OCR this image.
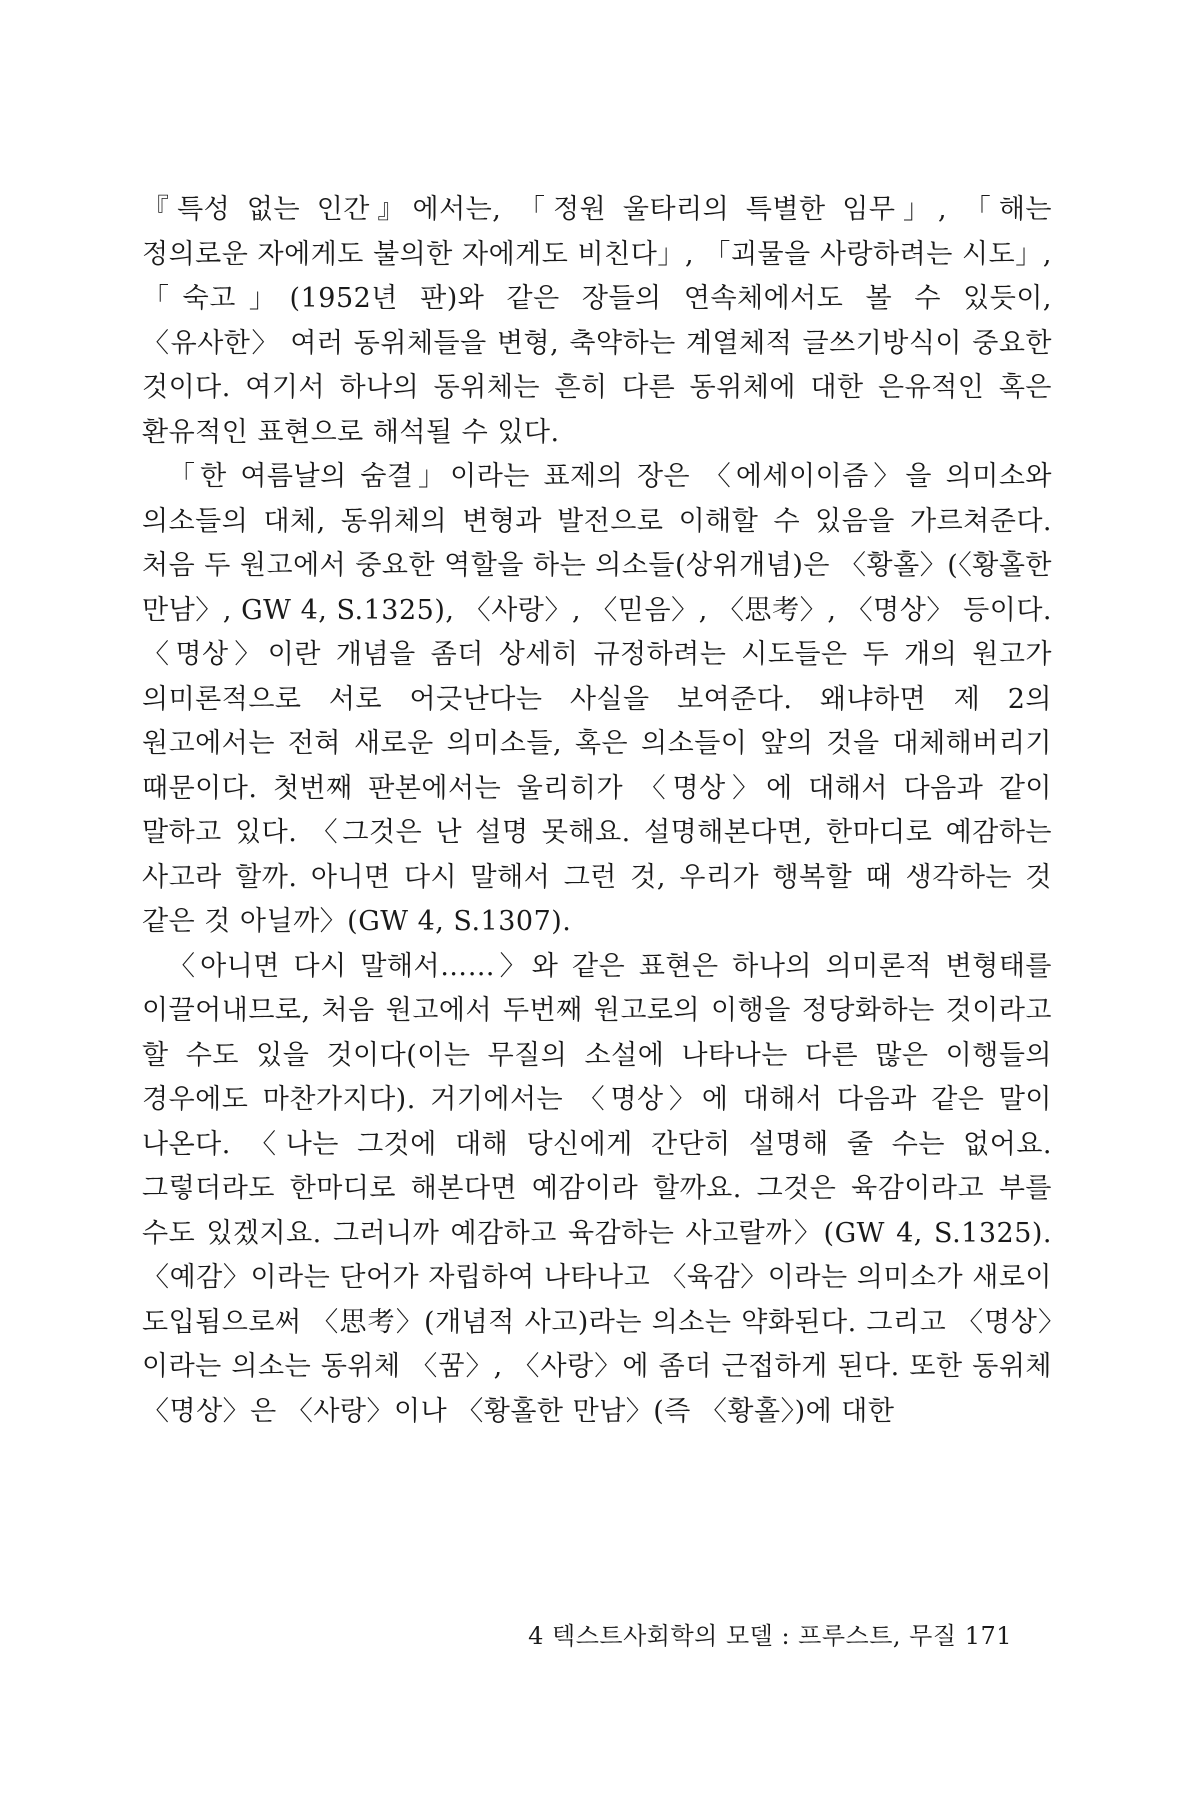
『특성 없는 인간』에서는, 「정원 울타리의 특별한 임무」, 「해는 정의로운 자에게도 불의한 자에게도 비친다」, 「괴물을 사랑하려는 시도」, 「숙고」(1952년 판)와 같은 장들의 연속체에서도 볼 수 있듯이, 〈유사한〉 여러 동위체들을 변형, 축약하는 계열체적 글쓰기방식이 중요한 것이다. 여기서 하나의 동위체는 흔히 다른 동위체에 대한 은유적인 혹은 환유적인 표현으로 해석될 수 있다.

「한 여름날의 숨결」이라는 표제의 장은 〈에세이이즘〉을 의미소와 의소들의 대체, 동위체의 변형과 발전으로 이해할 수 있음을 가르쳐준다. 처음 두 원고에서 중요한 역할을 하는 의소들(상위개념)은 〈황홀〉(〈황홀한 만남〉, GW 4, S.1325), 〈사랑〉, 〈믿음〉, 〈思考〉, 〈명상〉 등이다. 〈명상〉이란 개념을 좀더 상세히 규정하려는 시도들은 두 개의 원고가 의미론적으로 서로 어긋난다는 사실을 보여준다. 왜냐하면 제 2의 원고에서는 전혀 새로운 의미소들, 혹은 의소들이 앞의 것을 대체해버리기 때문이다. 첫번째 판본에서는 울리히가 〈명상〉에 대해서 다음과 같이 말하고 있다. 〈그것은 난 설명 못해요. 설명해본다면, 한마디로 예감하는 사고라 할까. 아니면 다시 말해서 그런 것, 우리가 행복할 때 생각하는 것 같은 것 아닐까〉(GW 4, S.1307).

〈아니면 다시 말해서……〉와 같은 표현은 하나의 의미론적 변형태를 이끌어내므로, 처음 원고에서 두번째 원고로의 이행을 정당화하는 것이라고 할 수도 있을 것이다(이는 무질의 소설에 나타나는 다른 많은 이행들의 경우에도 마찬가지다). 거기에서는 〈명상〉에 대해서 다음과 같은 말이 나온다. 〈나는 그것에 대해 당신에게 간단히 설명해 줄 수는 없어요. 그렇더라도 한마디로 해본다면 예감이라 할까요. 그것은 육감이라고 부를 수도 있겠지요. 그러니까 예감하고 육감하는 사고랄까〉(GW 4, S.1325). 〈예감〉이라는 단어가 자립하여 나타나고 〈육감〉이라는 의미소가 새로이 도입됨으로써 〈思考〉(개념적 사고)라는 의소는 약화된다. 그리고 〈명상〉이라는 의소는 동위체 〈꿈〉, 〈사랑〉에 좀더 근접하게 된다. 또한 동위체 〈명상〉은 〈사랑〉이나 〈황홀한 만남〉(즉 〈황홀〉)에 대한

4 텍스트사회학의 모델 : 프루스트, 무질 171
